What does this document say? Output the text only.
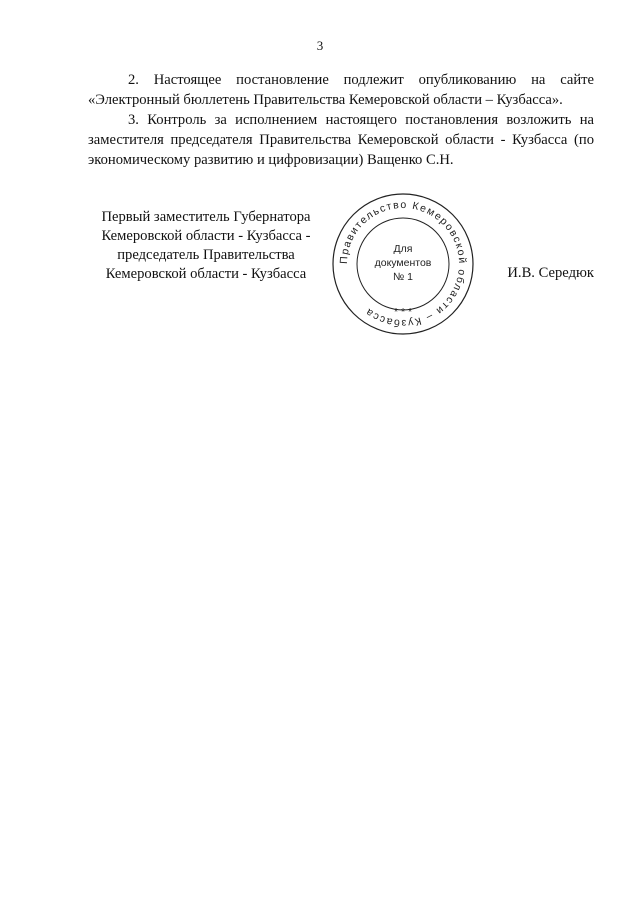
3

2. Настоящее постановление подлежит опубликованию на сайте «Электронный бюллетень Правительства Кемеровской области – Кузбасса».

3. Контроль за исполнением настоящего постановления возложить на заместителя председателя Правительства Кемеровской области - Кузбасса (по экономическому развитию и цифровизации) Ващенко С.Н.

Первый заместитель Губернатора
Кемеровской области - Кузбасса -
председатель Правительства
Кемеровской области - Кузбасса
Правительство Кемеровской области – Кузбасса	* * *
Для
документов
№ 1	И.В. Середюк
